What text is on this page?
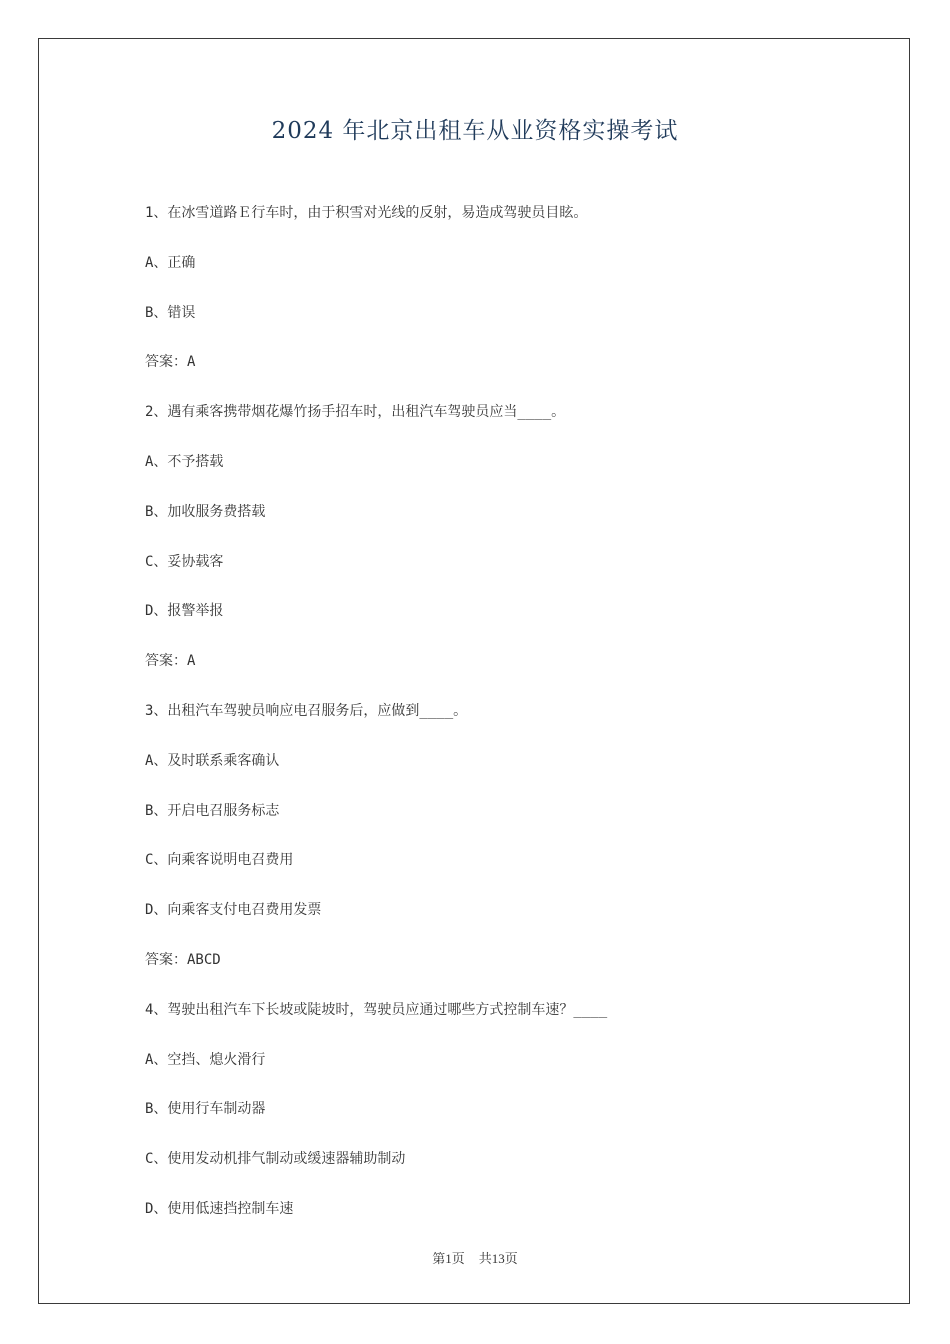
2024 年北京出租车从业资格实操考试
1、在冰雪道路Ｅ行车时，由于积雪对光线的反射，易造成驾驶员目眩。
A、正确
B、错误
答案：A
2、遇有乘客携带烟花爆竹扬手招车时，出租汽车驾驶员应当____。
A、不予搭载
B、加收服务费搭载
C、妥协载客
D、报警举报
答案：A
3、出租汽车驾驶员响应电召服务后，应做到____。
A、及时联系乘客确认
B、开启电召服务标志
C、向乘客说明电召费用
D、向乘客支付电召费用发票
答案：ABCD
4、驾驶出租汽车下长坡或陡坡时，驾驶员应通过哪些方式控制车速？____
A、空挡、熄火滑行
B、使用行车制动器
C、使用发动机排气制动或缓速器辅助制动
D、使用低速挡控制车速
第1页 共13页
